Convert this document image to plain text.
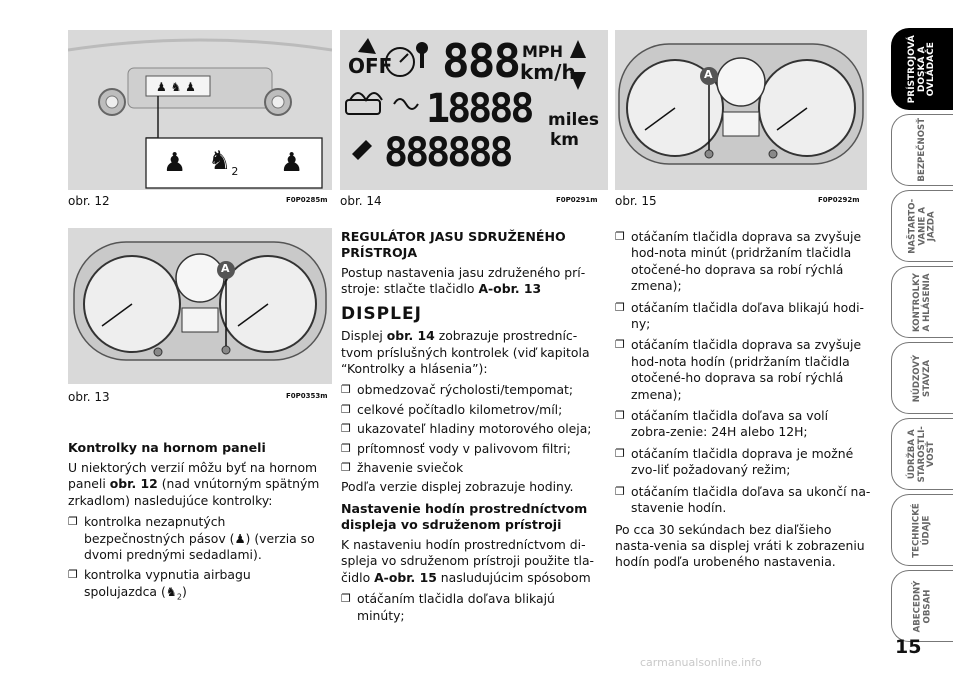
♟ ♞ ♟
♟ $♞_2$ ♟
obr. 12	F0P0285m
OFF 888 MPH
km/h
18888 miles
km
888888
obr. 14	F0P0291m
A
obr. 15	F0P0292m
A
obr. 13	F0P0353m
Kontrolky na hornom paneli

U niektorých verzií môžu byť na hornom paneli obr. 12 (nad vnútorným spätným zrkadlom) nasledujúce kontrolky:

❐ kontrolka nezapnutých bezpečnostných pásov (♟) (verzia so dvomi prednými sedadlami).
❐ kontrolka vypnutia airbagu spolujazdca $(♞_2)$
REGULÁTOR JASU SDRUŽENÉHO PRÍSTROJA

Postup nastavenia jasu združeného prí-stroje: stlačte tlačidlo A-obr. 13

DISPLEJ

Displej obr. 14 zobrazuje prostredníc-tvom príslušných kontrolek (viď kapitola “Kontrolky a hlásenia”):

❐ obmedzovač rýcholosti/tempomat;
❐ celkové počítadlo kilometrov/míl;
❐ ukazovateľ hladiny motorového oleja;
❐ prítomnosť vody v palivovom filtri;
❐ žhavenie sviečok

Podľa verzie displej zobrazuje hodiny.

Nastavenie hodín prostredníctvom displeja vo sdruženom prístroji

K nastaveniu hodín prostredníctvom di-spleja vo sdruženom prístroji použite tla-čidlo A-obr. 15 nasludujúcim spósobom

❐ otáčaním tlačidla doľava blikajú minúty;
❐ otáčaním tlačidla doprava sa zvyšuje hod-nota minút (pridržaním tlačidla otočené-ho doprava sa robí rýchlá zmena);
❐ otáčaním tlačidla doľava blikajú hodi-ny;
❐ otáčaním tlačidla doprava sa zvyšuje hod-nota hodín (pridržaním tlačidla otočené-ho doprava sa robí rýchlá zmena);
❐ otáčaním tlačidla doľava sa volí zobra-zenie: 24H alebo 12H;
❐ otáčaním tlačidla doprava je možné zvo-liť požadovaný režim;
❐ otáčaním tlačidla doľava sa ukončí na-stavenie hodín.

Po cca 30 sekúndach bez diaľšieho nasta-venia sa displej vráti k zobrazeniu hodín podľa urobeného nastavenia.

PRÍSTROJOVÁ
DOSKA A
OVLÁDAČE
BEZPEČNOSŤ
NAŠTARTO-
VANIE A
JAZDA
KONTROLKY
A HLÁSENIA
NÚDZOVÝ
STAVZA
ÚDRŽBA A
STAROSTLI-
VOSŤ
TECHNICKÉ
ÚDAJE
ABECEDNÝ
OBSAH
15
carmanualsonline.info
